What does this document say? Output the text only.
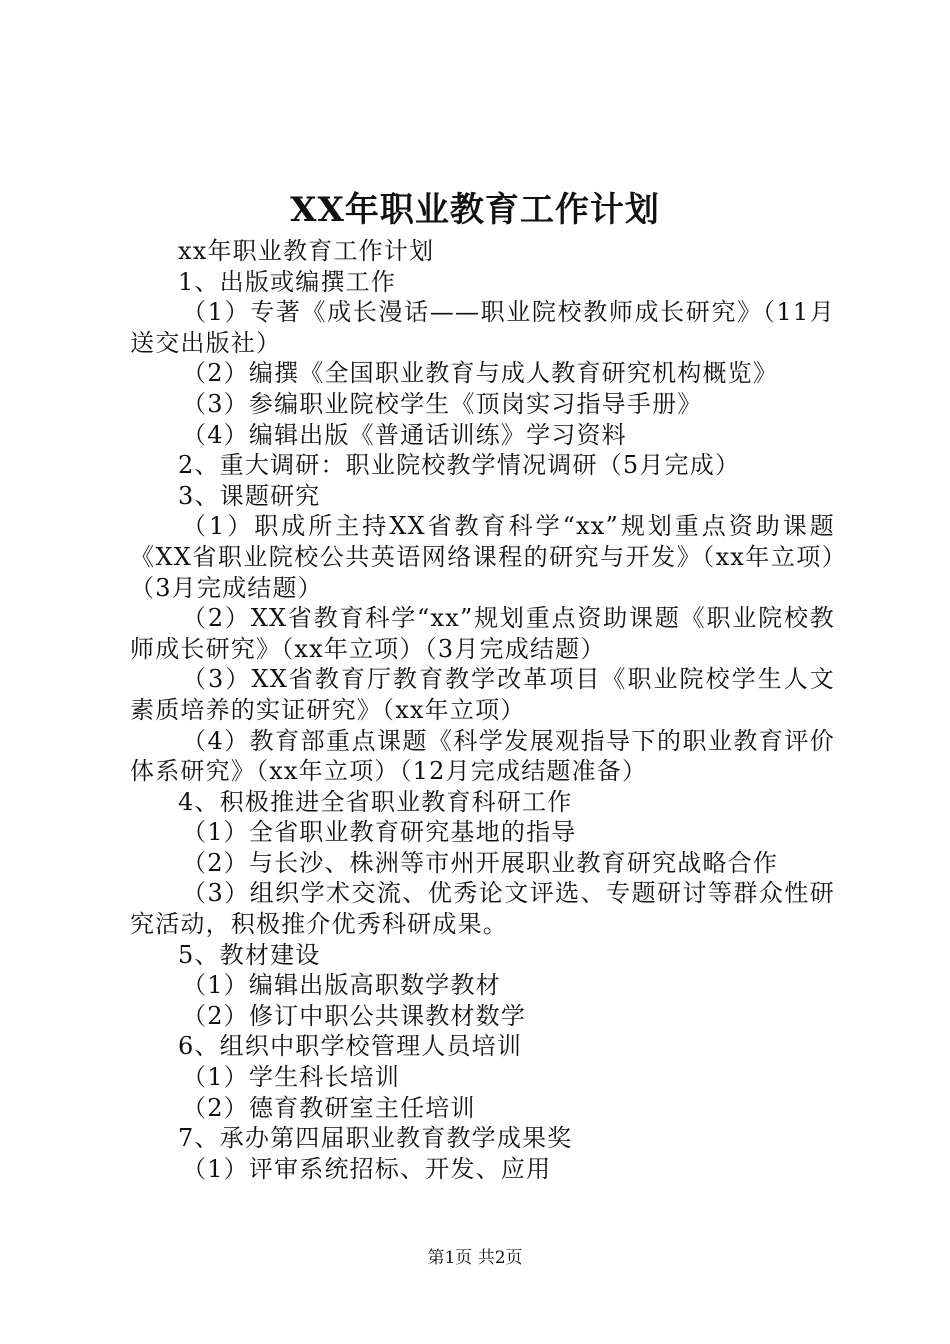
XX年职业教育工作计划

xx年职业教育工作计划

1、出版或编撰工作

（1）专著《成长漫话——职业院校教师成长研究》（11月送交出版社）

（2）编撰《全国职业教育与成人教育研究机构概览》

（3）参编职业院校学生《顶岗实习指导手册》

（4）编辑出版《普通话训练》学习资料

2、重大调研：职业院校教学情况调研（5月完成）

3、课题研究

（1）职成所主持XX省教育科学“xx”规划重点资助课题《XX省职业院校公共英语网络课程的研究与开发》（xx年立项）（3月完成结题）

（2）XX省教育科学“xx”规划重点资助课题《职业院校教师成长研究》（xx年立项）（3月完成结题）

（3）XX省教育厅教育教学改革项目《职业院校学生人文素质培养的实证研究》（xx年立项）

（4）教育部重点课题《科学发展观指导下的职业教育评价体系研究》（xx年立项）（12月完成结题准备）

4、积极推进全省职业教育科研工作

（1）全省职业教育研究基地的指导

（2）与长沙、株洲等市州开展职业教育研究战略合作

（3）组织学术交流、优秀论文评选、专题研讨等群众性研究活动，积极推介优秀科研成果。

5、教材建设

（1）编辑出版高职数学教材

（2）修订中职公共课教材数学

6、组织中职学校管理人员培训

（1）学生科长培训

（2）德育教研室主任培训

7、承办第四届职业教育教学成果奖

（1）评审系统招标、开发、应用

第1页 共2页
